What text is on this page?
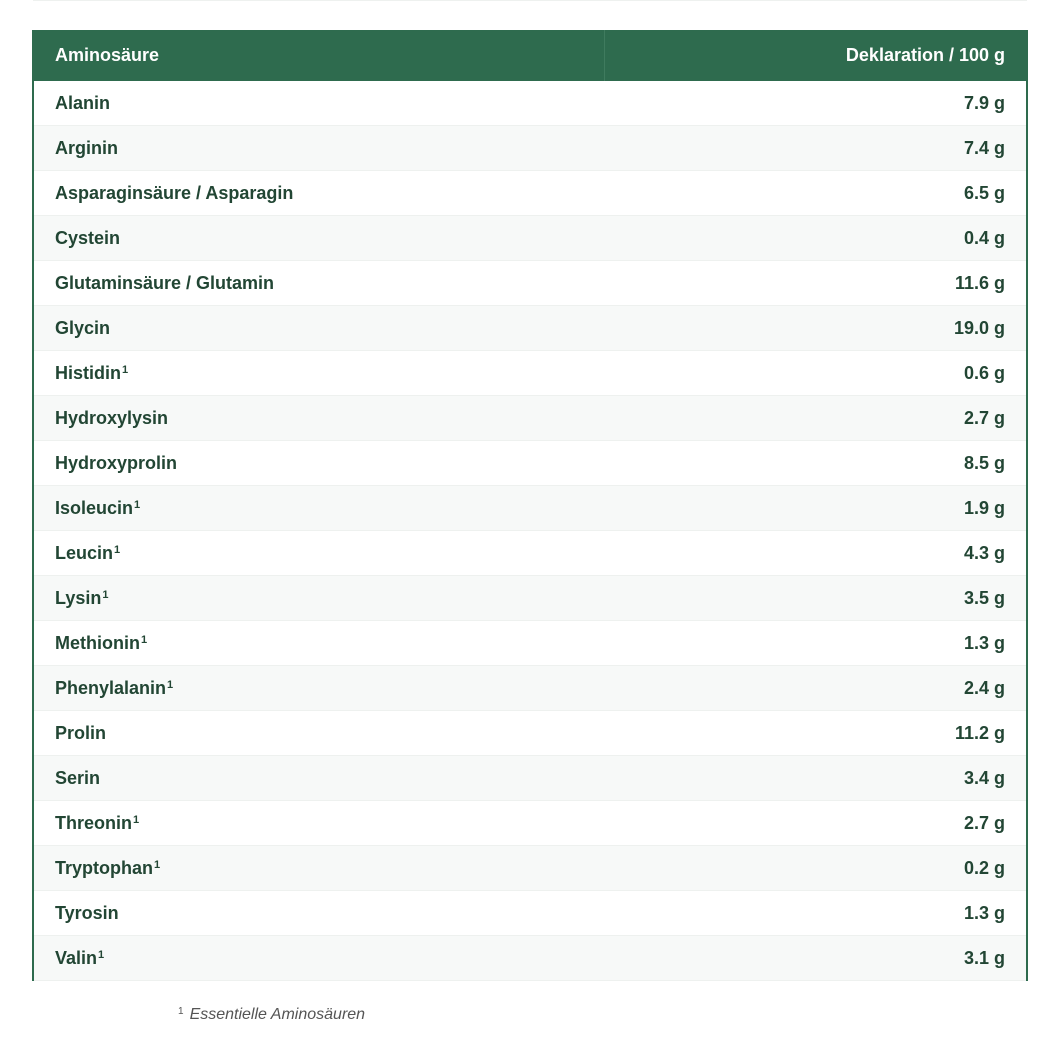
Aminosäure	Deklaration / 100 g
Alanin	7.9 g
Arginin	7.4 g
Asparaginsäure / Asparagin	6.5 g
Cystein	0.4 g
Glutaminsäure / Glutamin	11.6 g
Glycin	19.0 g
Histidin$^1$	0.6 g
Hydroxylysin	2.7 g
Hydroxyprolin	8.5 g
Isoleucin$^1$	1.9 g
Leucin$^1$	4.3 g
Lysin$^1$	3.5 g
Methionin$^1$	1.3 g
Phenylalanin$^1$	2.4 g
Prolin	11.2 g
Serin	3.4 g
Threonin$^1$	2.7 g
Tryptophan$^1$	0.2 g
Tyrosin	1.3 g
Valin$^1$	3.1 g
$^1$ Essentielle Aminosäuren
